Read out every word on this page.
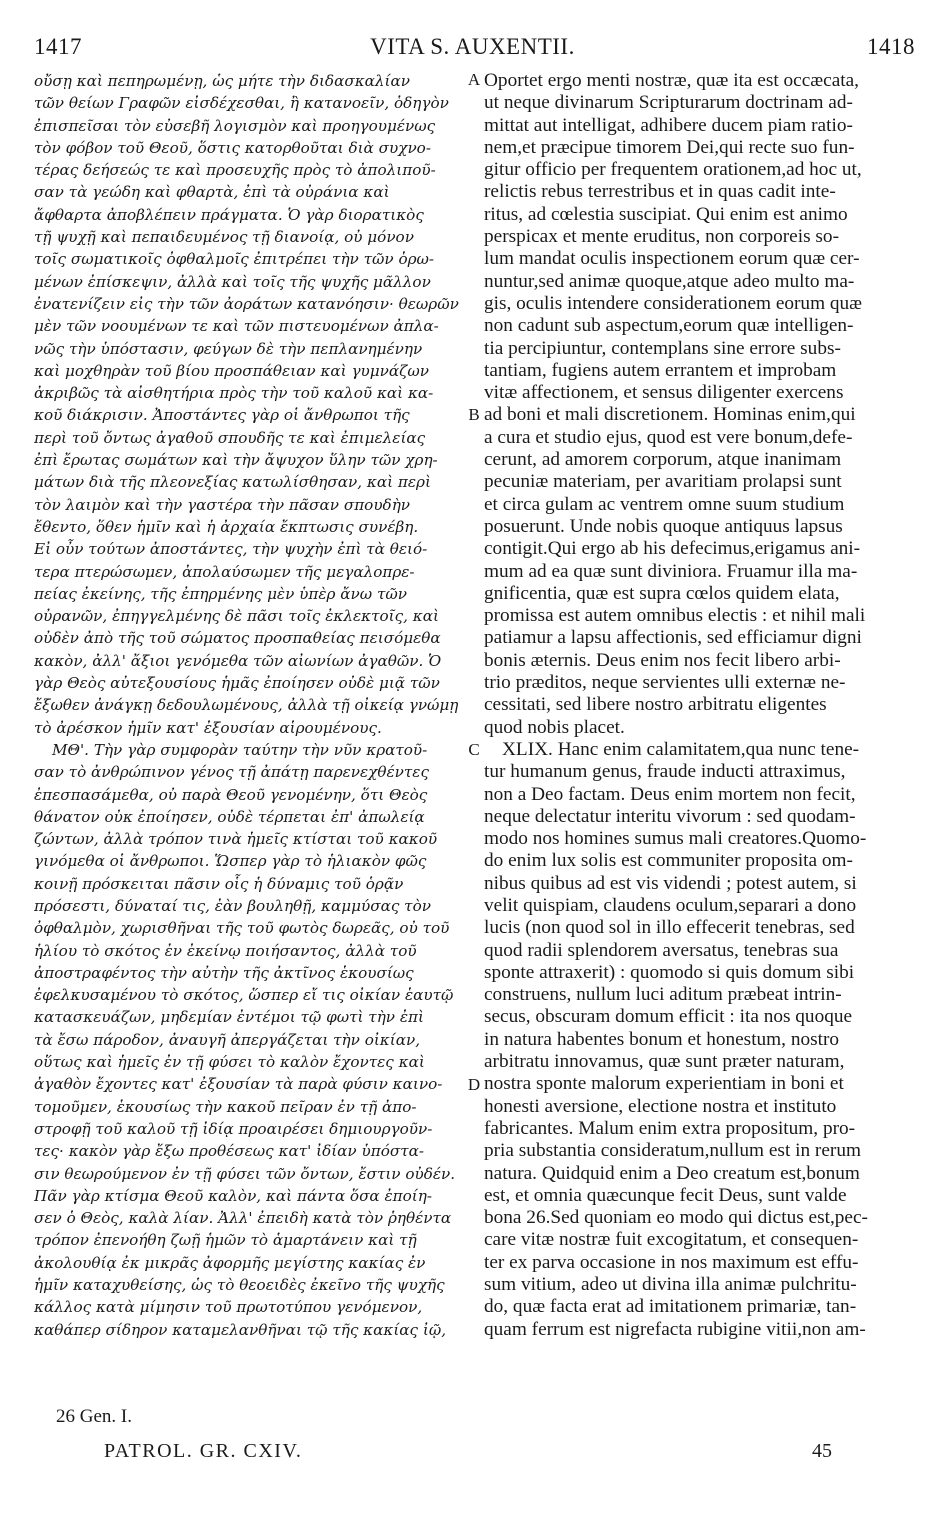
1417	VITA S. AUXENTII.	1418
οὔσῃ καὶ πεπηρωμένῃ, ὡς μήτε τὴν διδασκαλίαν
τῶν θείων Γραφῶν εἰσδέχεσθαι, ἢ κατανοεῖν, ὁδηγὸν
ἐπισπεῖσαι τὸν εὐσεβῆ λογισμὸν καὶ προηγουμένως
τὸν φόβον τοῦ Θεοῦ, ὅστις κατορθοῦται διὰ συχνο-
τέρας δεήσεώς τε καὶ προσευχῆς πρὸς τὸ ἀπολιποῦ-
σαν τὰ γεώδη καὶ φθαρτὰ, ἐπὶ τὰ οὐράνια καὶ
ἄφθαρτα ἀποβλέπειν πράγματα. Ὁ γὰρ διορατικὸς
τῇ ψυχῇ καὶ πεπαιδευμένος τῇ διανοίᾳ, οὐ μόνον
τοῖς σωματικοῖς ὀφθαλμοῖς ἐπιτρέπει τὴν τῶν ὁρω-
μένων ἐπίσκεψιν, ἀλλὰ καὶ τοῖς τῆς ψυχῆς μᾶλλον
ἐνατενίζειν εἰς τὴν τῶν ἀοράτων κατανόησιν· θεωρῶν
μὲν τῶν νοουμένων τε καὶ τῶν πιστευομένων ἀπλα-
νῶς τὴν ὑπόστασιν, φεύγων δὲ τὴν πεπλανημένην
καὶ μοχθηρὰν τοῦ βίου προσπάθειαν καὶ γυμνάζων
ἀκριβῶς τὰ αἰσθητήρια πρὸς τὴν τοῦ καλοῦ καὶ κα-
κοῦ διάκρισιν. Ἀποστάντες γὰρ οἱ ἄνθρωποι τῆς
περὶ τοῦ ὄντως ἀγαθοῦ σπουδῆς τε καὶ ἐπιμελείας
ἐπὶ ἔρωτας σωμάτων καὶ τὴν ἄψυχον ὕλην τῶν χρη-
μάτων διὰ τῆς πλεονεξίας κατωλίσθησαν, καὶ περὶ
τὸν λαιμὸν καὶ τὴν γαστέρα τὴν πᾶσαν σπουδὴν
ἔθεντο, ὅθεν ἡμῖν καὶ ἡ ἀρχαία ἔκπτωσις συνέβη.
Εἰ οὖν τούτων ἀποστάντες, τὴν ψυχὴν ἐπὶ τὰ θειό-
τερα πτερώσωμεν, ἀπολαύσωμεν τῆς μεγαλοπρε-
πείας ἐκείνης, τῆς ἐπηρμένης μὲν ὑπὲρ ἄνω τῶν
οὐρανῶν, ἐπηγγελμένης δὲ πᾶσι τοῖς ἐκλεκτοῖς, καὶ
οὐδὲν ἀπὸ τῆς τοῦ σώματος προσπαθείας πεισόμεθα
κακὸν, ἀλλ' ἄξιοι γενόμεθα τῶν αἰωνίων ἀγαθῶν. Ὁ
γὰρ Θεὸς αὐτεξουσίους ἡμᾶς ἐποίησεν οὐδὲ μιᾷ τῶν
ἔξωθεν ἀνάγκῃ δεδουλωμένους, ἀλλὰ τῇ οἰκείᾳ γνώμῃ
τὸ ἀρέσκον ἡμῖν κατ' ἐξουσίαν αἱρουμένους.
ΜΘ'. Τὴν γὰρ συμφορὰν ταύτην τὴν νῦν κρατοῦ-
σαν τὸ ἀνθρώπινον γένος τῇ ἀπάτῃ παρενεχθέντες
ἐπεσπασάμεθα, οὐ παρὰ Θεοῦ γενομένην, ὅτι Θεὸς
θάνατον οὐκ ἐποίησεν, οὐδὲ τέρπεται ἐπ' ἀπωλείᾳ
ζώντων, ἀλλὰ τρόπον τινὰ ἡμεῖς κτίσται τοῦ κακοῦ
γινόμεθα οἱ ἄνθρωποι. Ὥσπερ γὰρ τὸ ἡλιακὸν φῶς
κοινῇ πρόσκειται πᾶσιν οἷς ἡ δύναμις τοῦ ὁρᾷν
πρόσεστι, δύναταί τις, ἐὰν βουληθῇ, καμμύσας τὸν
ὀφθαλμὸν, χωρισθῆναι τῆς τοῦ φωτὸς δωρεᾶς, οὐ τοῦ
ἡλίου τὸ σκότος ἐν ἐκείνῳ ποιήσαντος, ἀλλὰ τοῦ
ἀποστραφέντος τὴν αὐτὴν τῆς ἀκτῖνος ἑκουσίως
ἐφελκυσαμένου τὸ σκότος, ὥσπερ εἴ τις οἰκίαν ἑαυτῷ
κατασκευάζων, μηδεμίαν ἐντέμοι τῷ φωτὶ τὴν ἐπὶ
τὰ ἔσω πάροδον, ἀναυγῆ ἀπεργάζεται τὴν οἰκίαν,
οὕτως καὶ ἡμεῖς ἐν τῇ φύσει τὸ καλὸν ἔχοντες καὶ
ἀγαθὸν ἔχοντες κατ' ἐξουσίαν τὰ παρὰ φύσιν καινο-
τομοῦμεν, ἑκουσίως τὴν κακοῦ πεῖραν ἐν τῇ ἀπο-
στροφῇ τοῦ καλοῦ τῇ ἰδίᾳ προαιρέσει δημιουργοῦν-
τες· κακὸν γὰρ ἔξω προθέσεως κατ' ἰδίαν ὑπόστα-
σιν θεωρούμενον ἐν τῇ φύσει τῶν ὄντων, ἔστιν οὐδέν.
Πᾶν γὰρ κτίσμα Θεοῦ καλὸν, καὶ πάντα ὅσα ἐποίη-
σεν ὁ Θεὸς, καλὰ λίαν. Ἀλλ' ἐπειδὴ κατὰ τὸν ῥηθέντα
τρόπον ἐπενοήθη ζωῇ ἡμῶν τὸ ἁμαρτάνειν καὶ τῇ
ἀκολουθίᾳ ἐκ μικρᾶς ἀφορμῆς μεγίστης κακίας ἐν
ἡμῖν καταχυθείσης, ὡς τὸ θεοειδὲς ἐκεῖνο τῆς ψυχῆς
κάλλος κατὰ μίμησιν τοῦ πρωτοτύπου γενόμενον,
καθάπερ σίδηρον καταμελανθῆναι τῷ τῆς κακίας ἰῷ,
Oportet ergo menti nostræ, quæ ita est occæcata,
ut neque divinarum Scripturarum doctrinam ad-
mittat aut intelligat, adhibere ducem piam ratio-
nem,et præcipue timorem Dei,qui recte suo fun-
gitur officio per frequentem orationem,ad hoc ut,
relictis rebus terrestribus et in quas cadit inte-
ritus, ad cœlestia suscipiat. Qui enim est animo
perspicax et mente eruditus, non corporeis so-
lum mandat oculis inspectionem eorum quæ cer-
nuntur,sed animæ quoque,atque adeo multo ma-
gis, oculis intendere considerationem eorum quæ
non cadunt sub aspectum,eorum quæ intelligen-
tia percipiuntur, contemplans sine errore subs-
tantiam, fugiens autem errantem et improbam
vitæ affectionem, et sensus diligenter exercens
ad boni et mali discretionem. Hominas enim,qui
a cura et studio ejus, quod est vere bonum,defe-
cerunt, ad amorem corporum, atque inanimam
pecuniæ materiam, per avaritiam prolapsi sunt
et circa gulam ac ventrem omne suum studium
posuerunt. Unde nobis quoque antiquus lapsus
contigit.Qui ergo ab his defecimus,erigamus ani-
mum ad ea quæ sunt diviniora. Fruamur illa ma-
gnificentia, quæ est supra cœlos quidem elata,
promissa est autem omnibus electis : et nihil mali
patiamur a lapsu affectionis, sed efficiamur digni
bonis æternis. Deus enim nos fecit libero arbi-
trio præditos, neque servientes ulli externæ ne-
cessitati, sed libere nostro arbitratu eligentes
quod nobis placet.
XLIX. Hanc enim calamitatem,qua nunc tene-
tur humanum genus, fraude inducti attraximus,
non a Deo factam. Deus enim mortem non fecit,
neque delectatur interitu vivorum : sed quodam-
modo nos homines sumus mali creatores.Quomo-
do enim lux solis est communiter proposita om-
nibus quibus ad est vis videndi ; potest autem, si
velit quispiam, claudens oculum,separari a dono
lucis (non quod sol in illo effecerit tenebras, sed
quod radii splendorem aversatus, tenebras sua
sponte attraxerit) : quomodo si quis domum sibi
construens, nullum luci aditum præbeat intrin-
secus, obscuram domum efficit : ita nos quoque
in natura habentes bonum et honestum, nostro
arbitratu innovamus, quæ sunt præter naturam,
nostra sponte malorum experientiam in boni et
honesti aversione, electione nostra et instituto
fabricantes. Malum enim extra propositum, pro-
pria substantia consideratum,nullum est in rerum
natura. Quidquid enim a Deo creatum est,bonum
est, et omnia quæcunque fecit Deus, sunt valde
bona 26.Sed quoniam eo modo qui dictus est,pec-
care vitæ nostræ fuit excogitatum, et consequen-
ter ex parva occasione in nos maximum est effu-
sum vitium, adeo ut divina illa animæ pulchritu-
do, quæ facta erat ad imitationem primariæ, tan-
quam ferrum est nigrefacta rubigine vitii,non am-
A
B
C
D
26 Gen. I.
PATROL. GR. CXIV.	45
